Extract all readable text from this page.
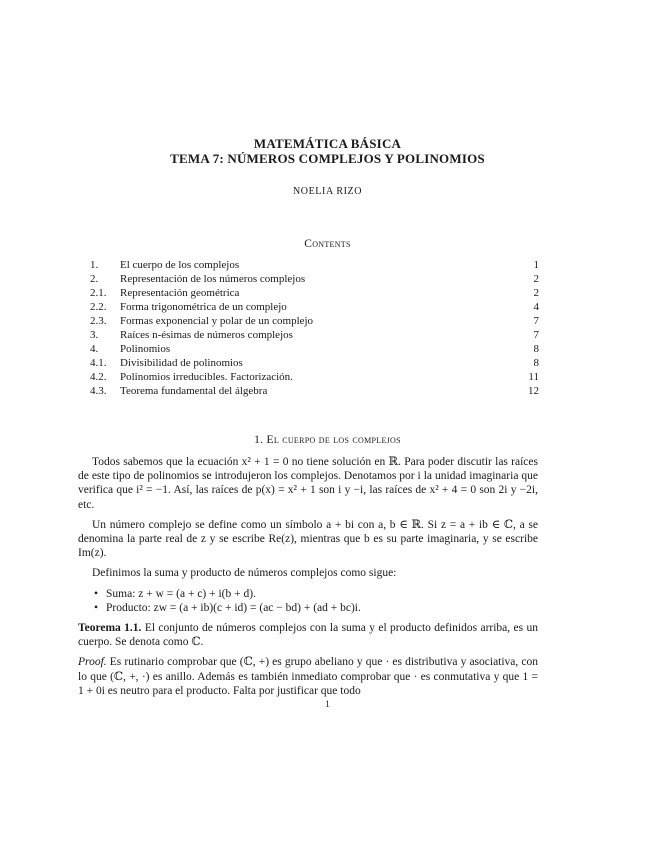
MATEMÁTICA BÁSICA
TEMA 7: NÚMEROS COMPLEJOS Y POLINOMIOS
NOELIA RIZO
Contents
1.	El cuerpo de los complejos	1
2.	Representación de los números complejos	2
2.1.	Representación geométrica	2
2.2.	Forma trigonométrica de un complejo	4
2.3.	Formas exponencial y polar de un complejo	7
3.	Raíces n-ésimas de números complejos	7
4.	Polinomios	8
4.1.	Divisibilidad de polinomios	8
4.2.	Polinomios irreducibles. Factorización.	11
4.3.	Teorema fundamental del álgebra	12
1. El cuerpo de los complejos

Todos sabemos que la ecuación x² + 1 = 0 no tiene solución en ℝ. Para poder discutir las raíces de este tipo de polinomios se introdujeron los complejos. Denotamos por i la unidad imaginaria que verifica que i² = −1. Así, las raíces de p(x) = x² + 1 son i y −i, las raíces de x² + 4 = 0 son 2i y −2i, etc.

Un número complejo se define como un símbolo a + bi con a, b ∈ ℝ. Si z = a + ib ∈ ℂ, a se denomina la parte real de z y se escribe Re(z), mientras que b es su parte imaginaria, y se escribe Im(z).

Definimos la suma y producto de números complejos como sigue:

• Suma: z + w = (a + c) + i(b + d).
• Producto: zw = (a + ib)(c + id) = (ac − bd) + (ad + bc)i.

Teorema 1.1. El conjunto de números complejos con la suma y el producto definidos arriba, es un cuerpo. Se denota como ℂ.

Proof. Es rutinario comprobar que (ℂ, +) es grupo abeliano y que · es distributiva y asociativa, con lo que (ℂ, +, ·) es anillo. Además es también inmediato comprobar que · es conmutativa y que 1 = 1 + 0i es neutro para el producto. Falta por justificar que todo

1
